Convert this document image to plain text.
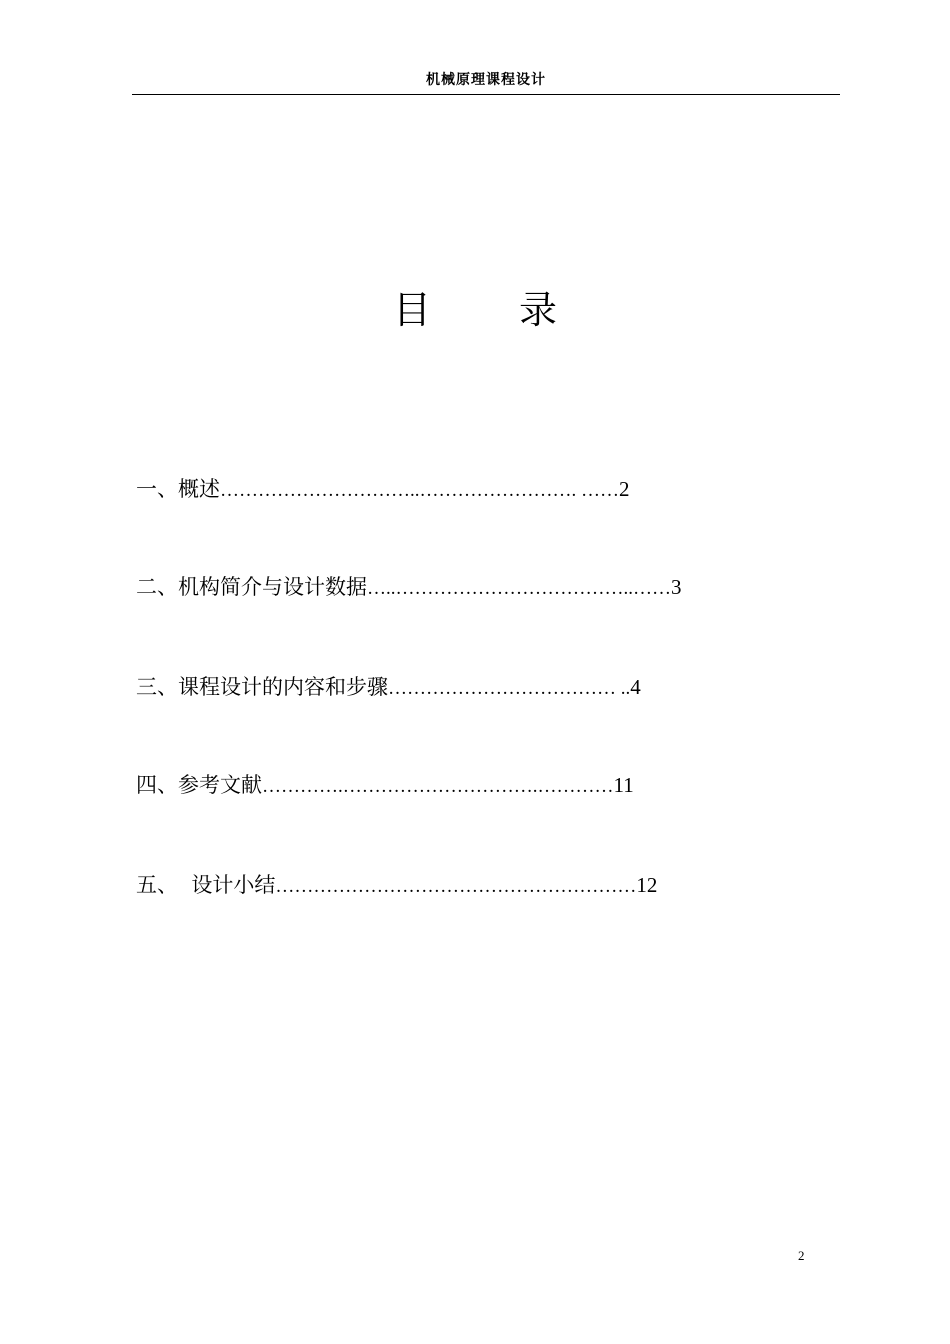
机械原理课程设计
目 录
一、概述…………………………..……………………. ……2
二、机构简介与设计数据…..………………………………..……3
三、课程设计的内容和步骤……………………………… ..4
四、参考文献………….………………………….…………11
五、  设计小结…………………………………………………12
2
